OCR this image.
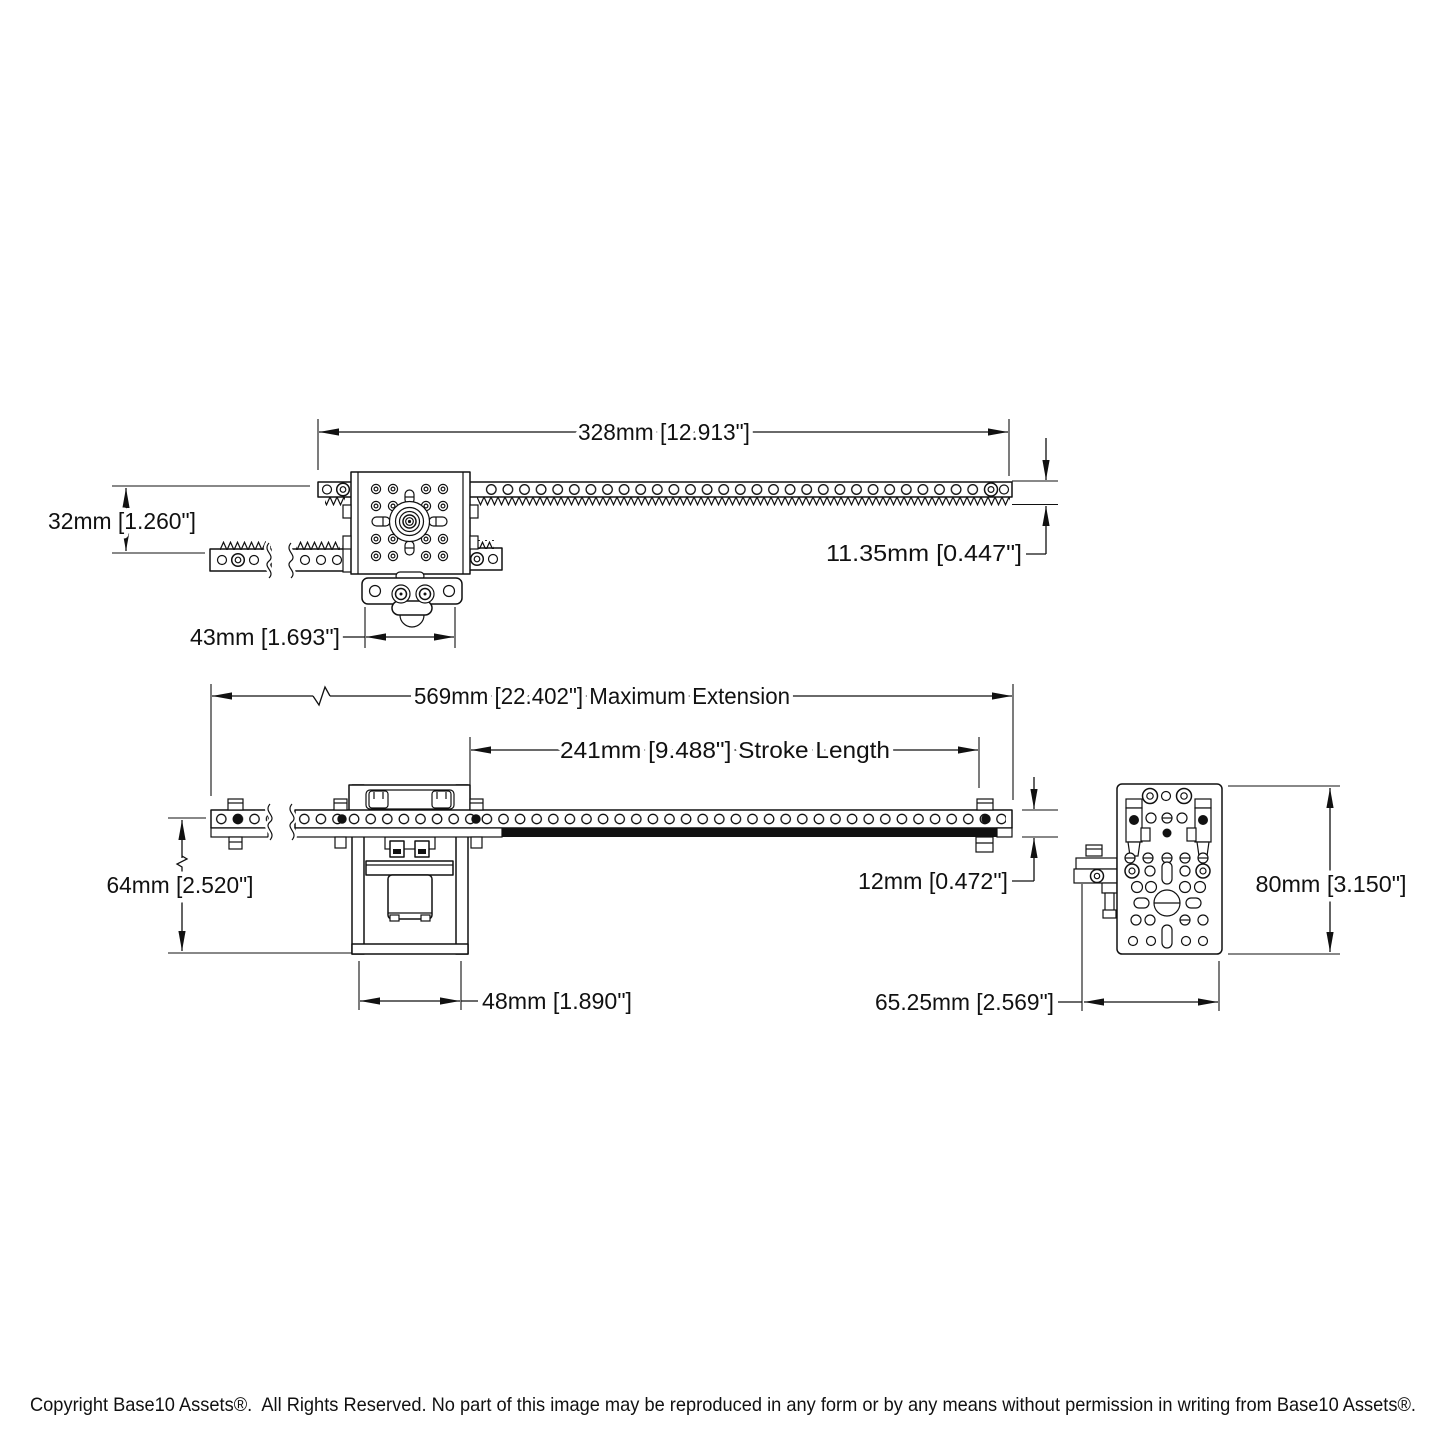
328mm [12.913"]
32mm [1.260"]
11.35mm [0.447"]
43mm [1.693"]
569mm [22.402"] Maximum Extension
241mm [9.488"] Stroke Length
64mm [2.520"]	12mm [0.472"]
48mm [1.890"]
80mm [3.150"]
65.25mm [2.569"]
Copyright Base10 Assets®.  All Rights Reserved. No part of this image may be reproduced in any form or by any means without permission in writing from Base10 Assets®.
